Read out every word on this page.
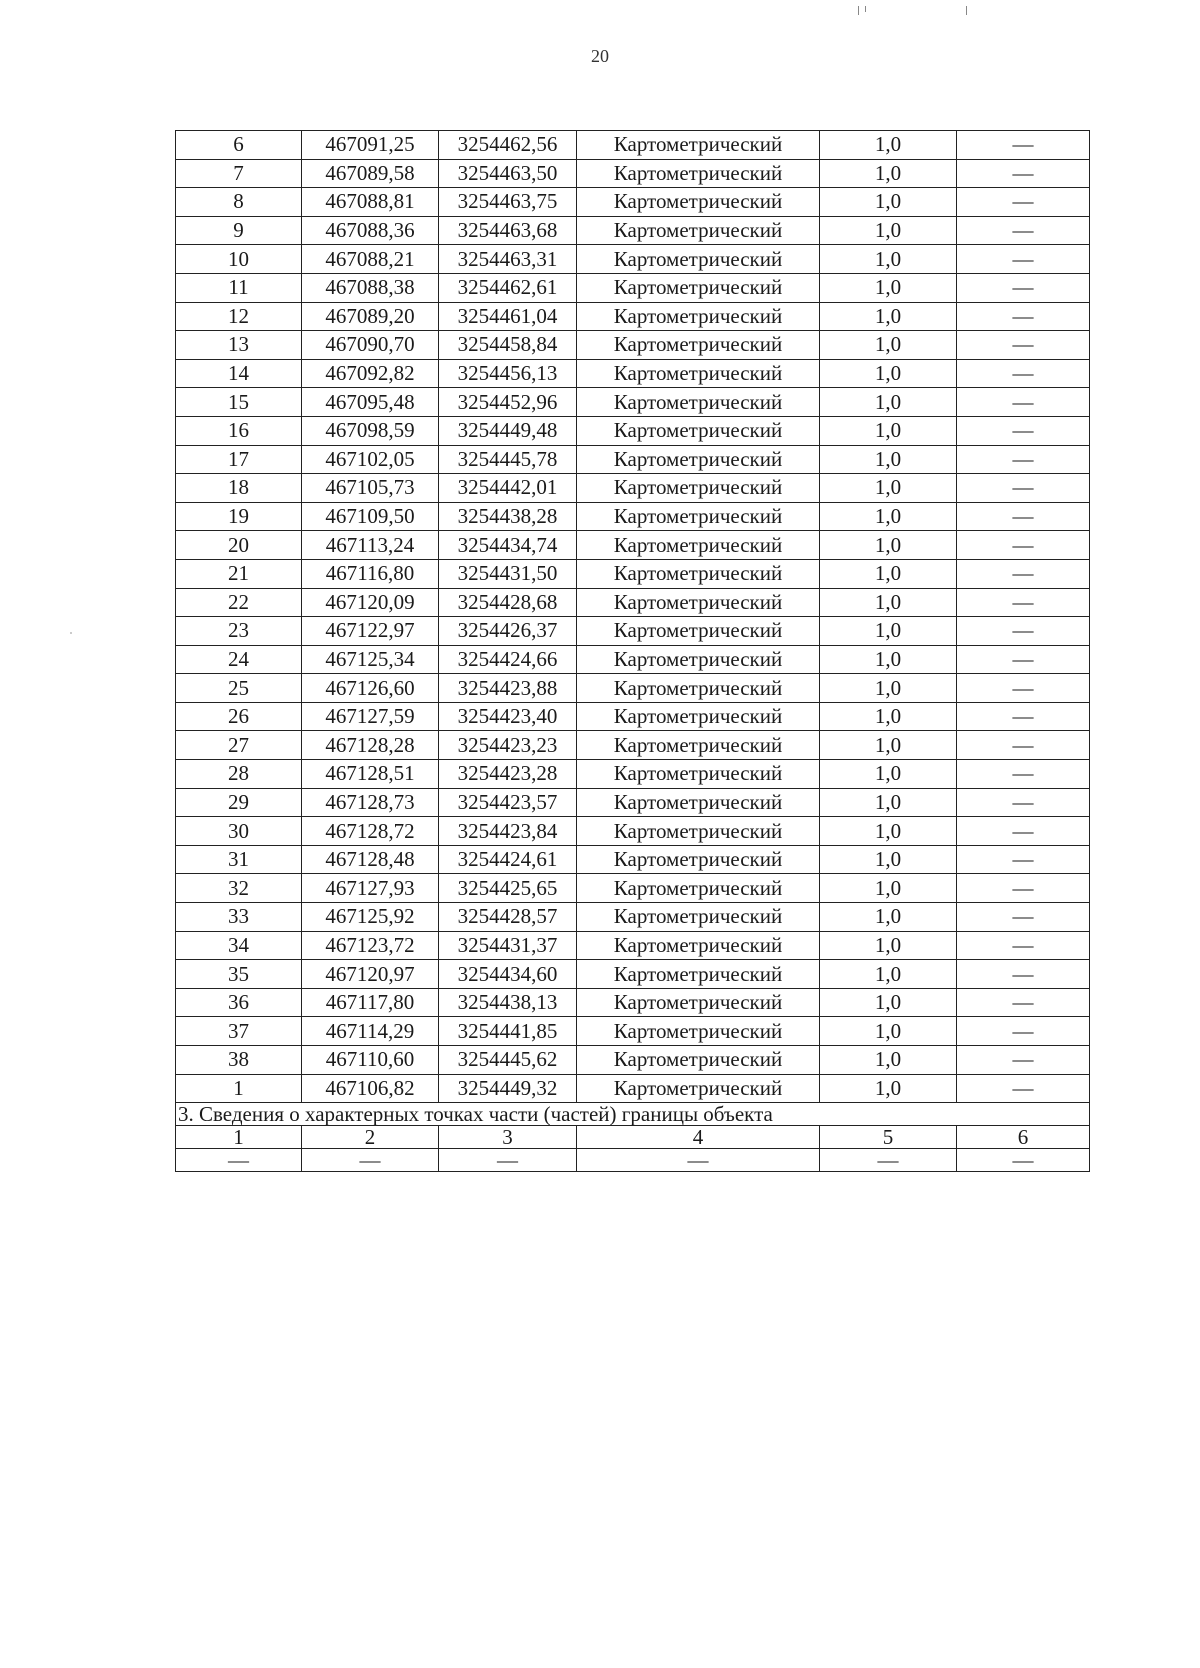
20
6	467091,25	3254462,56	Картометрический	1,0	—
7	467089,58	3254463,50	Картометрический	1,0	—
8	467088,81	3254463,75	Картометрический	1,0	—
9	467088,36	3254463,68	Картометрический	1,0	—
10	467088,21	3254463,31	Картометрический	1,0	—
11	467088,38	3254462,61	Картометрический	1,0	—
12	467089,20	3254461,04	Картометрический	1,0	—
13	467090,70	3254458,84	Картометрический	1,0	—
14	467092,82	3254456,13	Картометрический	1,0	—
15	467095,48	3254452,96	Картометрический	1,0	—
16	467098,59	3254449,48	Картометрический	1,0	—
17	467102,05	3254445,78	Картометрический	1,0	—
18	467105,73	3254442,01	Картометрический	1,0	—
19	467109,50	3254438,28	Картометрический	1,0	—
20	467113,24	3254434,74	Картометрический	1,0	—
21	467116,80	3254431,50	Картометрический	1,0	—
22	467120,09	3254428,68	Картометрический	1,0	—
23	467122,97	3254426,37	Картометрический	1,0	—
24	467125,34	3254424,66	Картометрический	1,0	—
25	467126,60	3254423,88	Картометрический	1,0	—
26	467127,59	3254423,40	Картометрический	1,0	—
27	467128,28	3254423,23	Картометрический	1,0	—
28	467128,51	3254423,28	Картометрический	1,0	—
29	467128,73	3254423,57	Картометрический	1,0	—
30	467128,72	3254423,84	Картометрический	1,0	—
31	467128,48	3254424,61	Картометрический	1,0	—
32	467127,93	3254425,65	Картометрический	1,0	—
33	467125,92	3254428,57	Картометрический	1,0	—
34	467123,72	3254431,37	Картометрический	1,0	—
35	467120,97	3254434,60	Картометрический	1,0	—
36	467117,80	3254438,13	Картометрический	1,0	—
37	467114,29	3254441,85	Картометрический	1,0	—
38	467110,60	3254445,62	Картометрический	1,0	—
1	467106,82	3254449,32	Картометрический	1,0	—
3. Сведения о характерных точках части (частей) границы объекта					
1	2	3	4	5	6
—	—	—	—	—	—
